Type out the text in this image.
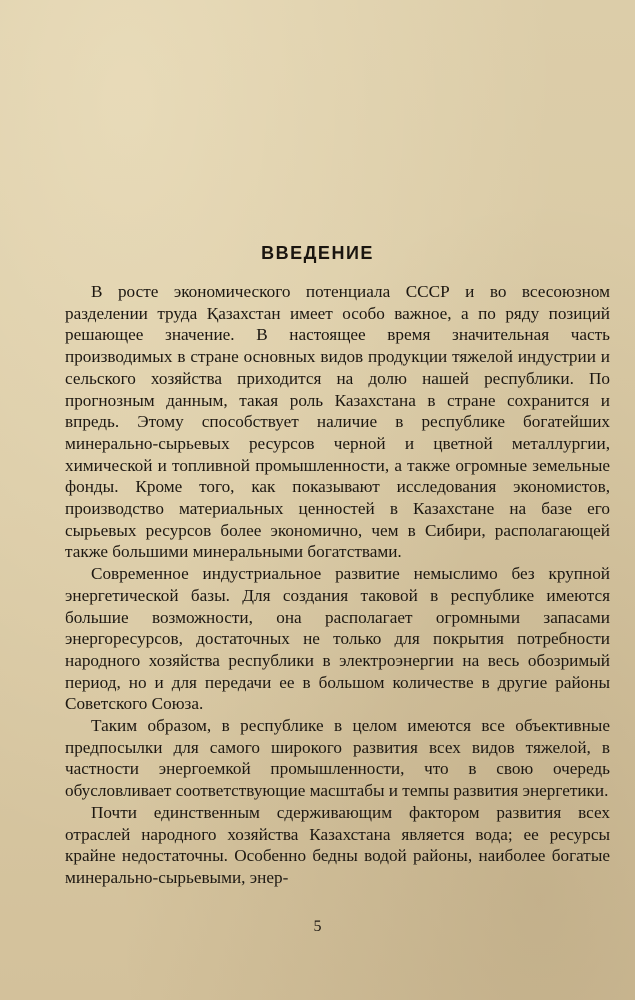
ВВЕДЕНИЕ

В росте экономического потенциала СССР и во всесоюзном разделении труда Қазахстан имеет особо важное, а по ряду позиций решающее значение. В настоящее время значительная часть производимых в стране основных видов продукции тяжелой индустрии и сельского хозяйства приходится на долю нашей республики. По прогнозным данным, такая роль Казахстана в стране сохранится и впредь. Этому способствует наличие в республике богатейших минерально-сырьевых ресурсов черной и цветной металлургии, химической и топливной промышленности, а также огромные земельные фонды. Кроме того, как показывают исследования экономистов, производство материальных ценностей в Казахстане на базе его сырьевых ресурсов более экономично, чем в Сибири, располагающей также большими минеральными богатствами.

Современное индустриальное развитие немыслимо без крупной энергетической базы. Для создания таковой в республике имеются большие возможности, она располагает огромными запасами энергоресурсов, достаточных не только для покрытия потребности народного хозяйства республики в электроэнергии на весь обозримый период, но и для передачи ее в большом количестве в другие районы Советского Союза.

Таким образом, в республике в целом имеются все объективные предпосылки для самого широкого развития всех видов тяжелой, в частности энергоемкой промышленности, что в свою очередь обусловливает соответствующие масштабы и темпы развития энергетики.

Почти единственным сдерживающим фактором развития всех отраслей народного хозяйства Казахстана является вода; ее ресурсы крайне недостаточны. Особенно бедны водой районы, наиболее богатые минерально-сырьевыми, энер-

5
